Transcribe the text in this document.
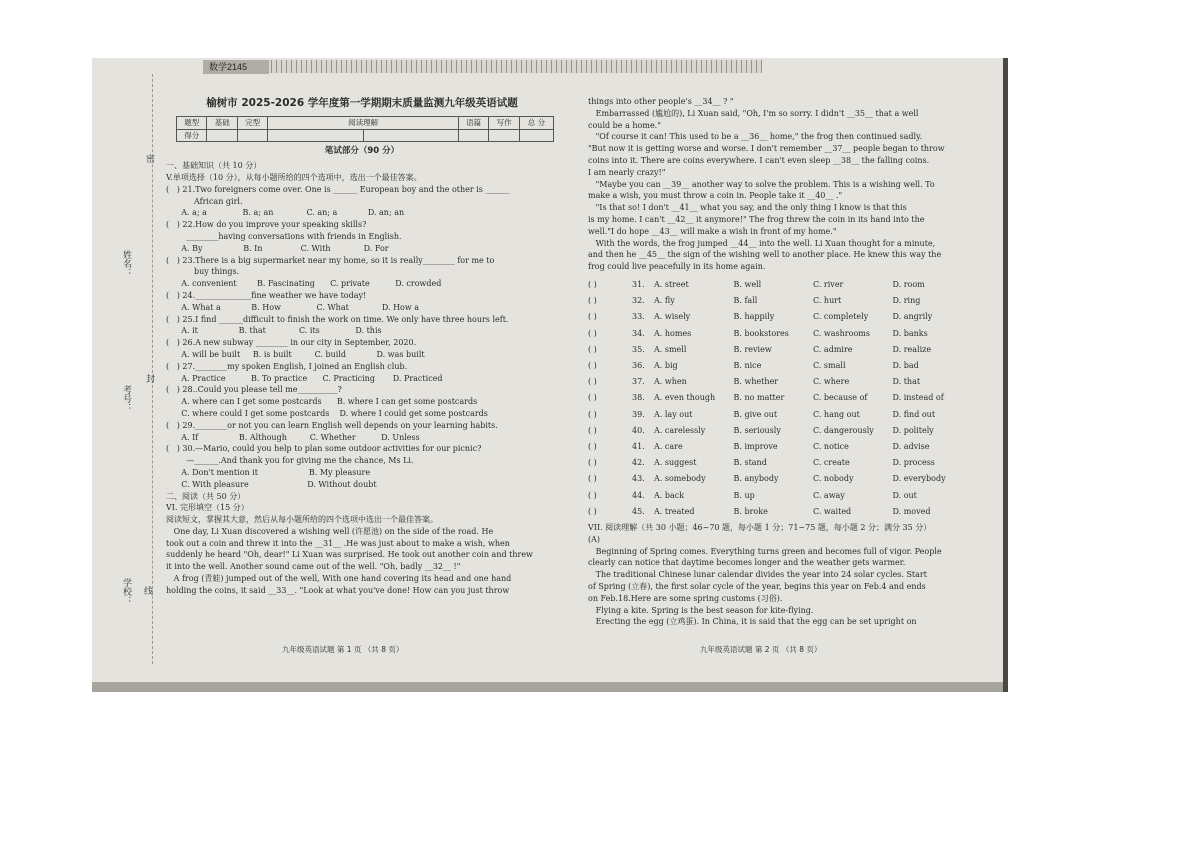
数学2145
密
姓名：
封
考号：
学校： 线
榆树市 2025-2026 学年度第一学期期末质量监测九年级英语试题
题型	基础	完型	阅读理解		语篇	写作	总 分
得分							
笔试部分（90 分）
一、基础知识（共 10 分）
V.单项选择（10 分），从每小题所给的四个选项中，选出一个最佳答案。
(   ) 21.Two foreigners come over. One is ______ European boy and the other is ______
African girl.
A. a; a              B. a; an             C. an; a            D. an; an
(   ) 22.How do you improve your speaking skills?
________having conversations with friends in English.
A. By                B. In               C. With             D. For
(   ) 23.There is a big supermarket near my home, so it is really________ for me to
buy things.
A. convenient        B. Fascinating      C. private          D. crowded
(   ) 24.______________fine weather we have today!
A. What a            B. How              C. What             D. How a
(   ) 25.I find ______difficult to finish the work on time. We only have three hours left.
A. it                B. that             C. its              D. this
(   ) 26.A new subway ________ in our city in September, 2020.
A. will be built     B. is built         C. build            D. was built
(   ) 27.________my spoken English, I joined an English club.
A. Practice          B. To practice      C. Practicing       D. Practiced
(   ) 28..Could you please tell me__________?
A. where can I get some postcards      B. where I can get some postcards
C. where could I get some postcards    D. where I could get some postcards
(   ) 29.________or not you can learn English well depends on your learning habits.
A. If                B. Although         C. Whether          D. Unless
(   ) 30.—Mario, could you help to plan some outdoor activities for our picnic?
—______.And thank you for giving me the chance, Ms Li.
A. Don't mention it                    B. My pleasure
C. With pleasure                       D. Without doubt
二、阅读（共 50 分）
VI. 完形填空（15 分）
阅读短文，掌握其大意，然后从每小题所给的四个选项中选出一个最佳答案。
One day, Li Xuan discovered a wishing well (许愿池) on the side of the road. He
took out a coin and threw it into the __31__ .He was just about to make a wish, when
suddenly he heard "Oh, dear!" Li Xuan was surprised. He took out another coin and threw
it into the well. Another sound came out of the well. "Oh, badly __32__ !"
A frog (青蛙) jumped out of the well, With one hand covering its head and one hand
holding the coins, it said __33__. "Look at what you've done! How can you just throw
things into other people's __34__ ? "
Embarrassed (尴尬的), Li Xuan said, "Oh, I'm so sorry. I didn't __35__ that a well
could be a home."
"Of course it can! This used to be a __36__ home," the frog then continued sadly.
"But now it is getting worse and worse. I don't remember __37__ people began to throw
coins into it. There are coins everywhere. I can't even sleep __38__ the falling coins.
I am nearly crazy!"
"Maybe you can __39__ another way to solve the problem. This is a wishing well. To
make a wish, you must throw a coin in. People take it __40__ ."
"Is that so! I don't __41__ what you say, and the only thing I know is that this
is my home. I can't __42__ it anymore!" The frog threw the coin in its hand into the
well."I do hope __43__ will make a wish in front of my home."
With the words, the frog jumped __44__ into the well. Li Xuan thought for a minute,
and then he __45__ the sign of the wishing well to another place. He knew this way the
frog could live peacefully in its home again.
( )	31.	A. street	B. well	C. river	D. room
( )	32.	A. fly	B. fall	C. hurt	D. ring
( )	33.	A. wisely	B. happily	C. completely	D. angrily
( )	34.	A. homes	B. bookstores	C. washrooms	D. banks
( )	35.	A. smell	B. review	C. admire	D. realize
( )	36.	A. big	B. nice	C. small	D. bad
( )	37.	A. when	B. whether	C. where	D. that
( )	38.	A. even though	B. no matter	C. because of	D. instead of
( )	39.	A. lay out	B. give out	C. hang out	D. find out
( )	40.	A. carelessly	B. seriously	C. dangerously	D. politely
( )	41.	A. care	B. improve	C. notice	D. advise
( )	42.	A. suggest	B. stand	C. create	D. process
( )	43.	A. somebody	B. anybody	C. nobody	D. everybody
( )	44.	A. back	B. up	C. away	D. out
( )	45.	A. treated	B. broke	C. waited	D. moved
VII. 阅读理解（共 30 小题；46~70 题，每小题 1 分；71~75 题，每小题 2 分；满分 35 分）
(A)
Beginning of Spring comes. Everything turns green and becomes full of vigor. People
clearly can notice that daytime becomes longer and the weather gets warmer.
The traditional Chinese lunar calendar divides the year into 24 solar cycles. Start
of Spring (立春), the first solar cycle of the year, begins this year on Feb.4 and ends
on Feb.18.Here are some spring customs (习俗).
Flying a kite. Spring is the best season for kite-flying.
Erecting the egg (立鸡蛋). In China, it is said that the egg can be set upright on
九年级英语试题 第 1 页 （共 8 页）	九年级英语试题 第 2 页 （共 8 页）
